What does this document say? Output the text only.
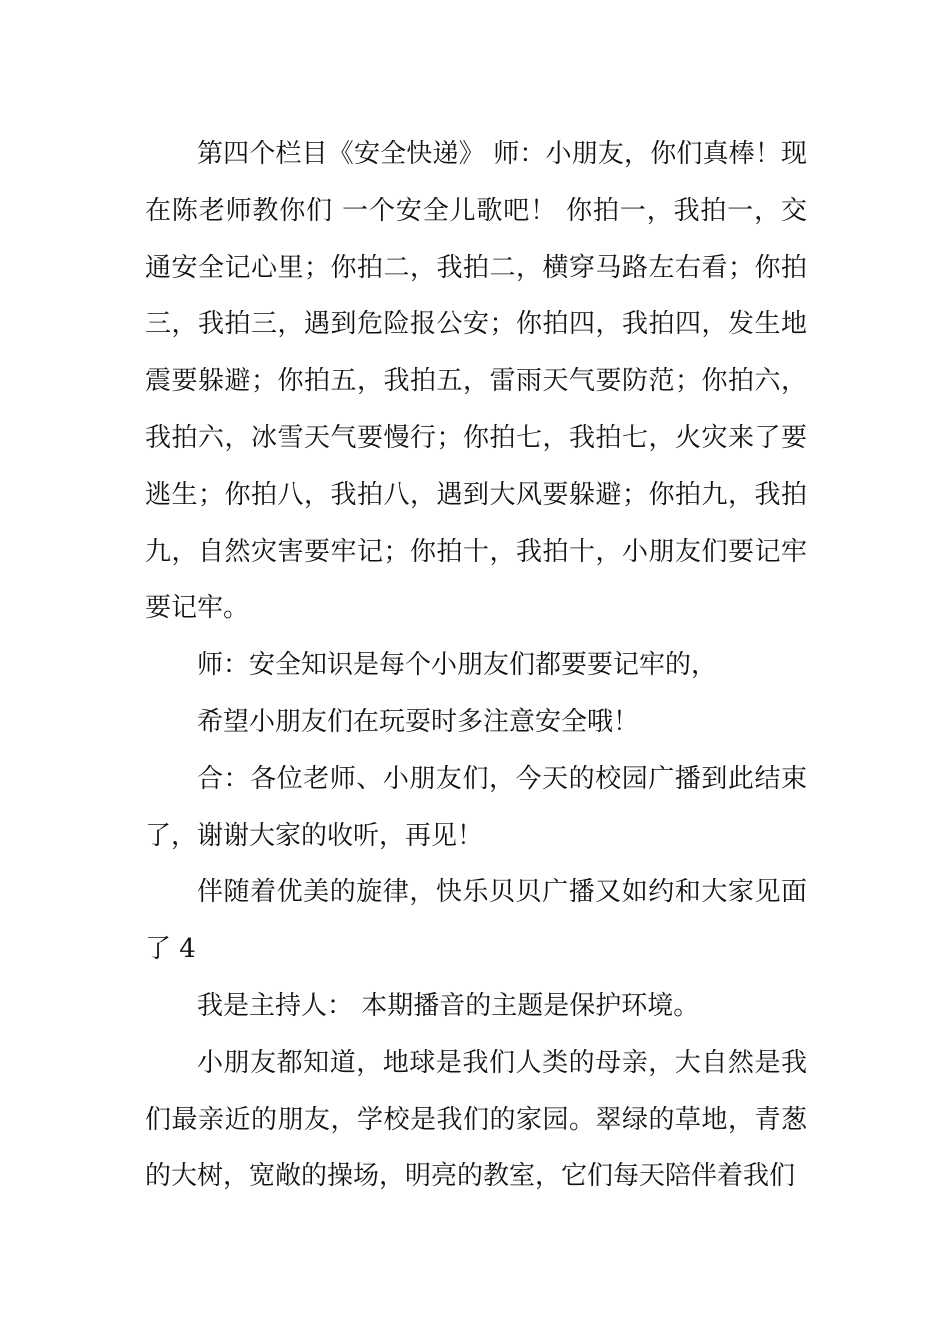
第四个栏目《安全快递》 师：小朋友，你们真棒！现在陈老师教你们 一个安全儿歌吧！ 你拍一，我拍一，交通安全记心里；你拍二，我拍二，横穿马路左右看；你拍三，我拍三，遇到危险报公安；你拍四，我拍四，发生地震要躲避；你拍五，我拍五，雷雨天气要防范；你拍六，我拍六，冰雪天气要慢行；你拍七，我拍七，火灾来了要逃生；你拍八，我拍八，遇到大风要躲避；你拍九，我拍九，自然灾害要牢记；你拍十，我拍十，小朋友们要记牢要记牢。

师：安全知识是每个小朋友们都要要记牢的，

希望小朋友们在玩耍时多注意安全哦！

合：各位老师、小朋友们，今天的校园广播到此结束了，谢谢大家的收听，再见！

伴随着优美的旋律，快乐贝贝广播又如约和大家见面了 4

我是主持人： 本期播音的主题是保护环境。

小朋友都知道，地球是我们人类的母亲，大自然是我们最亲近的朋友，学校是我们的家园。翠绿的草地，青葱的大树，宽敞的操场，明亮的教室，它们每天陪伴着我们
